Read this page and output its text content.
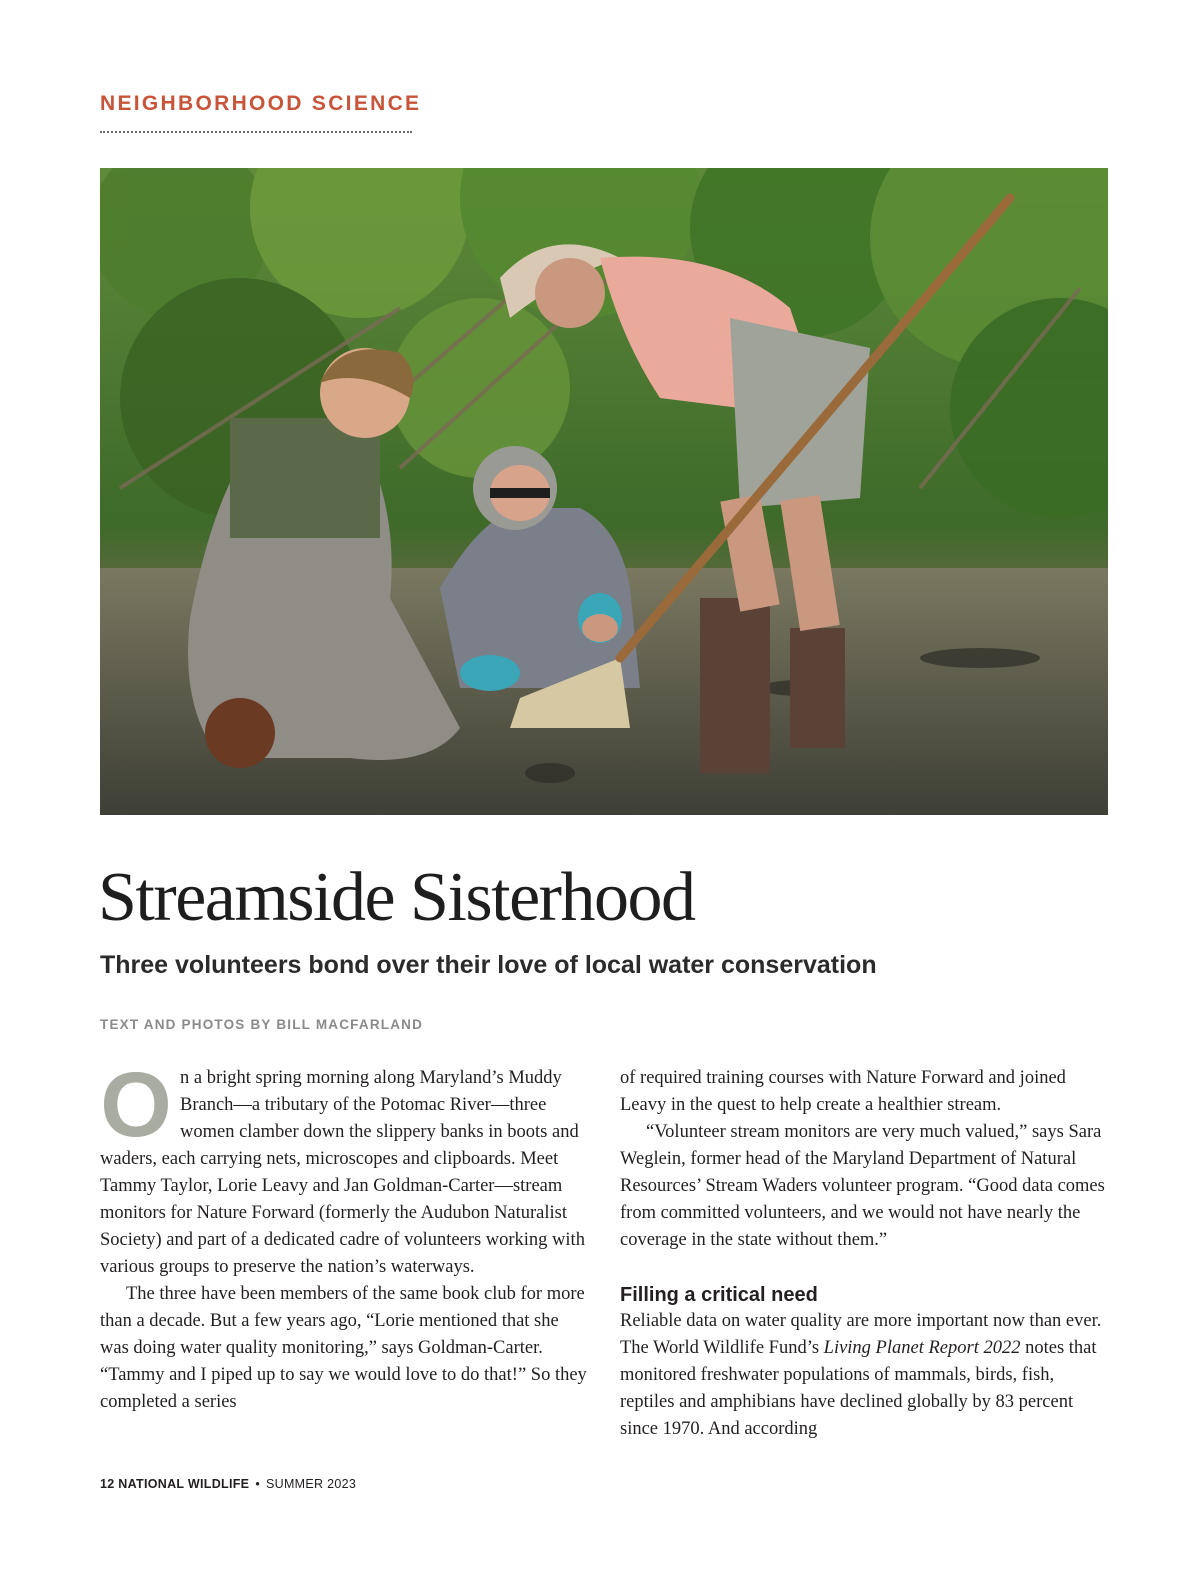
NEIGHBORHOOD SCIENCE
Streamside Sisterhood
Three volunteers bond over their love of local water conservation
TEXT AND PHOTOS BY BILL MACFARLAND
O n a bright spring morning along Maryland’s Muddy Branch—a tributary of the Potomac River—three women clamber down the slippery banks in boots and waders, each carrying nets, microscopes and clipboards. Meet Tammy Taylor, Lorie Leavy and Jan Goldman-Carter—stream monitors for Nature Forward (formerly the Audubon Naturalist Society) and part of a dedicated cadre of volunteers working with various groups to preserve the nation’s waterways.

The three have been members of the same book club for more than a decade. But a few years ago, “Lorie mentioned that she was doing water quality monitoring,” says Goldman-Carter. “Tammy and I piped up to say we would love to do that!” So they completed a series

of required training courses with Nature Forward and joined Leavy in the quest to help create a healthier stream.

“Volunteer stream monitors are very much valued,” says Sara Weglein, former head of the Maryland Department of Natural Resources’ Stream Waders volunteer program. “Good data comes from committed volunteers, and we would not have nearly the coverage in the state without them.”

Filling a critical need

Reliable data on water quality are more important now than ever. The World Wildlife Fund’s Living Planet Report 2022 notes that monitored freshwater populations of mammals, birds, fish, reptiles and amphibians have declined globally by 83 percent since 1970. And according

12 NATIONAL WILDLIFE • SUMMER 2023
